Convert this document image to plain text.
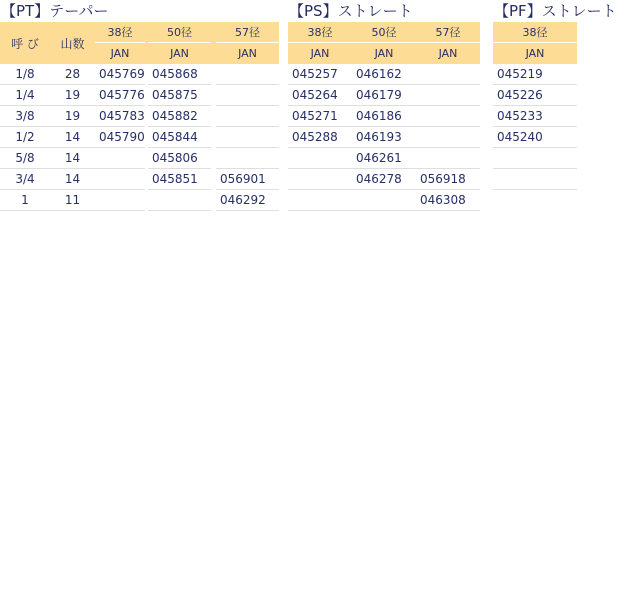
【PT】テーパー
呼 び	山数	38径		50径		57径
		JAN		JAN		JAN
1/8	28	045769		045868		
1/4	19	045776		045875		
3/8	19	045783		045882		
1/2	14	045790		045844		
5/8	14			045806		
3/4	14			045851		056901
1	11					046292
【PS】ストレート
38径	50径	57径
JAN	JAN	JAN
045257	046162	
045264	046179	
045271	046186	
045288	046193	
	046261	
	046278	056918
		046308
【PF】ストレート
38径
JAN
045219
045226
045233
045240
